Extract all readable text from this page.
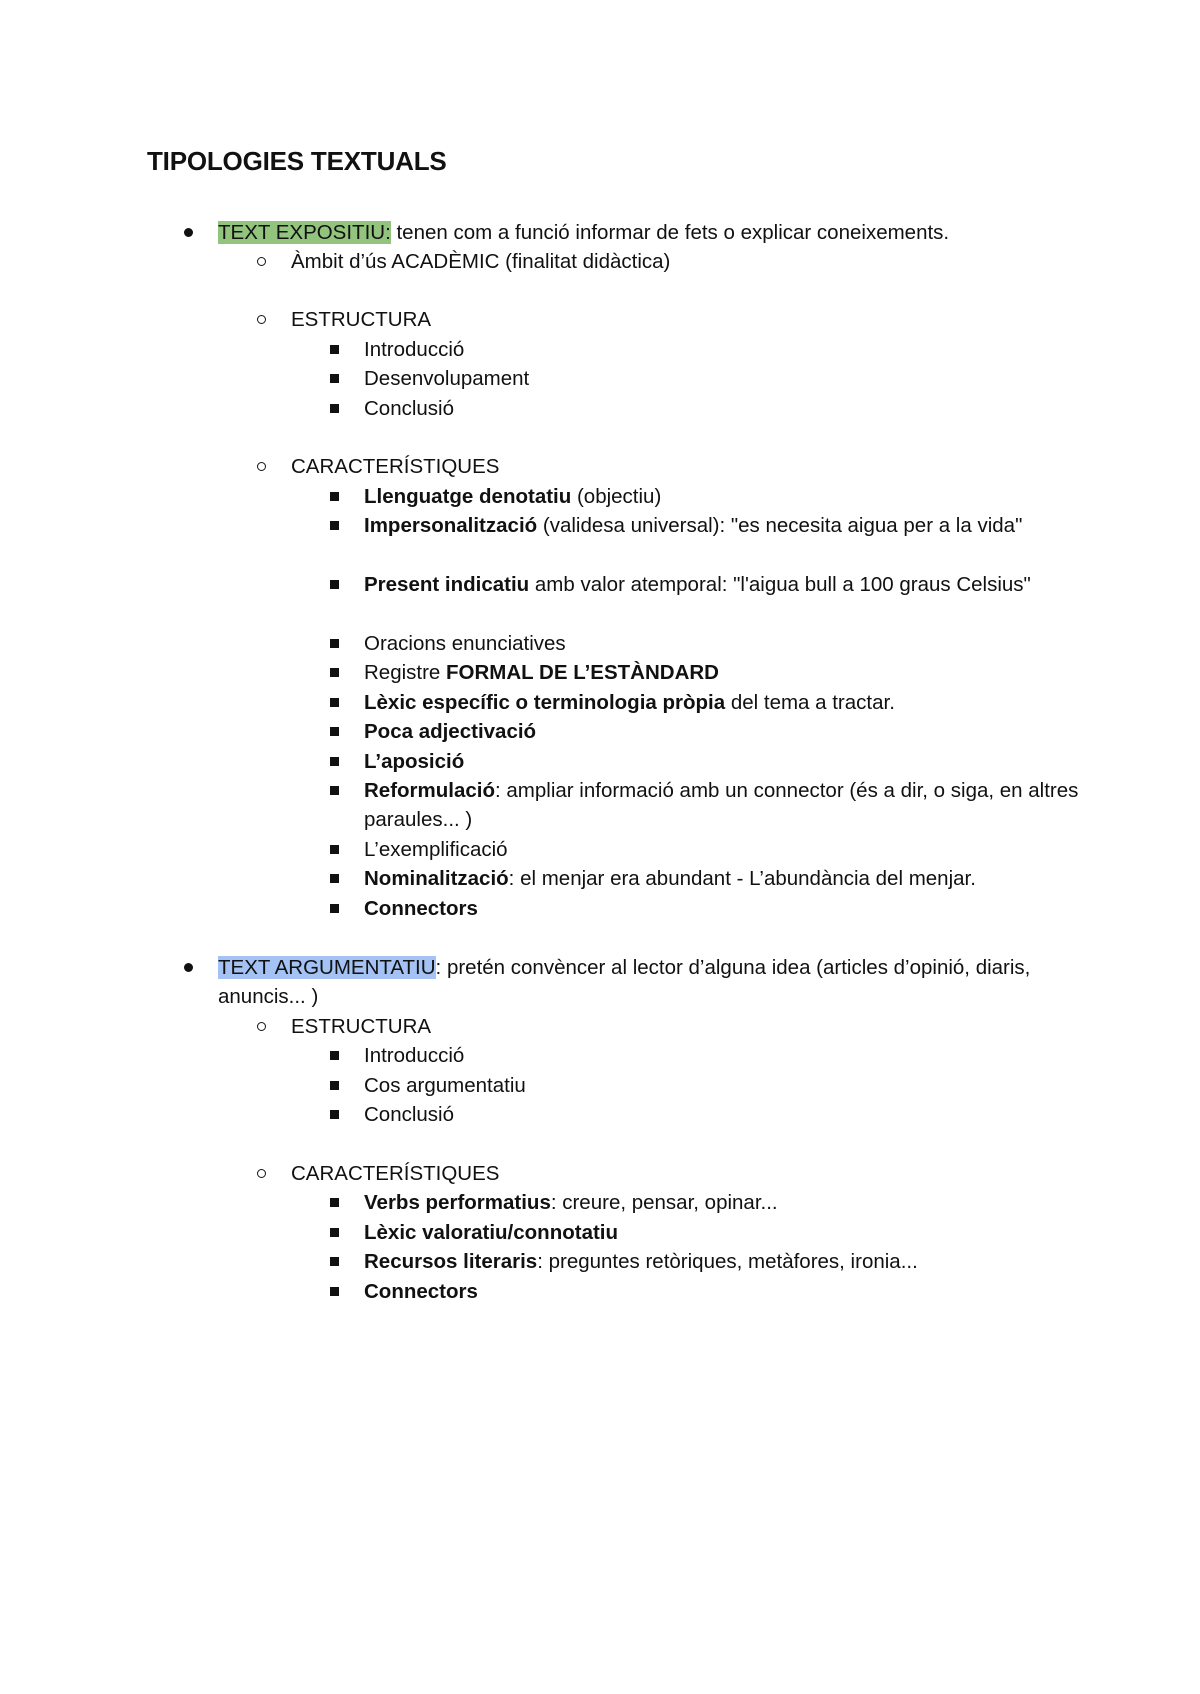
TIPOLOGIES TEXTUALS
TEXT EXPOSITIU: tenen com a funció informar de fets o explicar coneixements.
Àmbit d’ús ACADÈMIC (finalitat didàctica)
ESTRUCTURA
Introducció
Desenvolupament
Conclusió
CARACTERÍSTIQUES
Llenguatge denotatiu (objectiu)
Impersonalització (validesa universal): "es necesita aigua per a la vida"
Present indicatiu amb valor atemporal: "l'aigua bull a 100 graus Celsius"
Oracions enunciatives
Registre FORMAL DE L’ESTÀNDARD
Lèxic específic o terminologia pròpia del tema a tractar.
Poca adjectivació
L’aposició
Reformulació: ampliar informació amb un connector (és a dir, o siga, en altres paraules... )
L’exemplificació
Nominalització: el menjar era abundant - L’abundància del menjar.
Connectors
TEXT ARGUMENTATIU: pretén convèncer al lector d’alguna idea (articles d’opinió, diaris, anuncis... )
ESTRUCTURA
Introducció
Cos argumentatiu
Conclusió
CARACTERÍSTIQUES
Verbs performatius: creure, pensar, opinar...
Lèxic valoratiu/connotatiu
Recursos literaris: preguntes retòriques, metàfores, ironia...
Connectors
